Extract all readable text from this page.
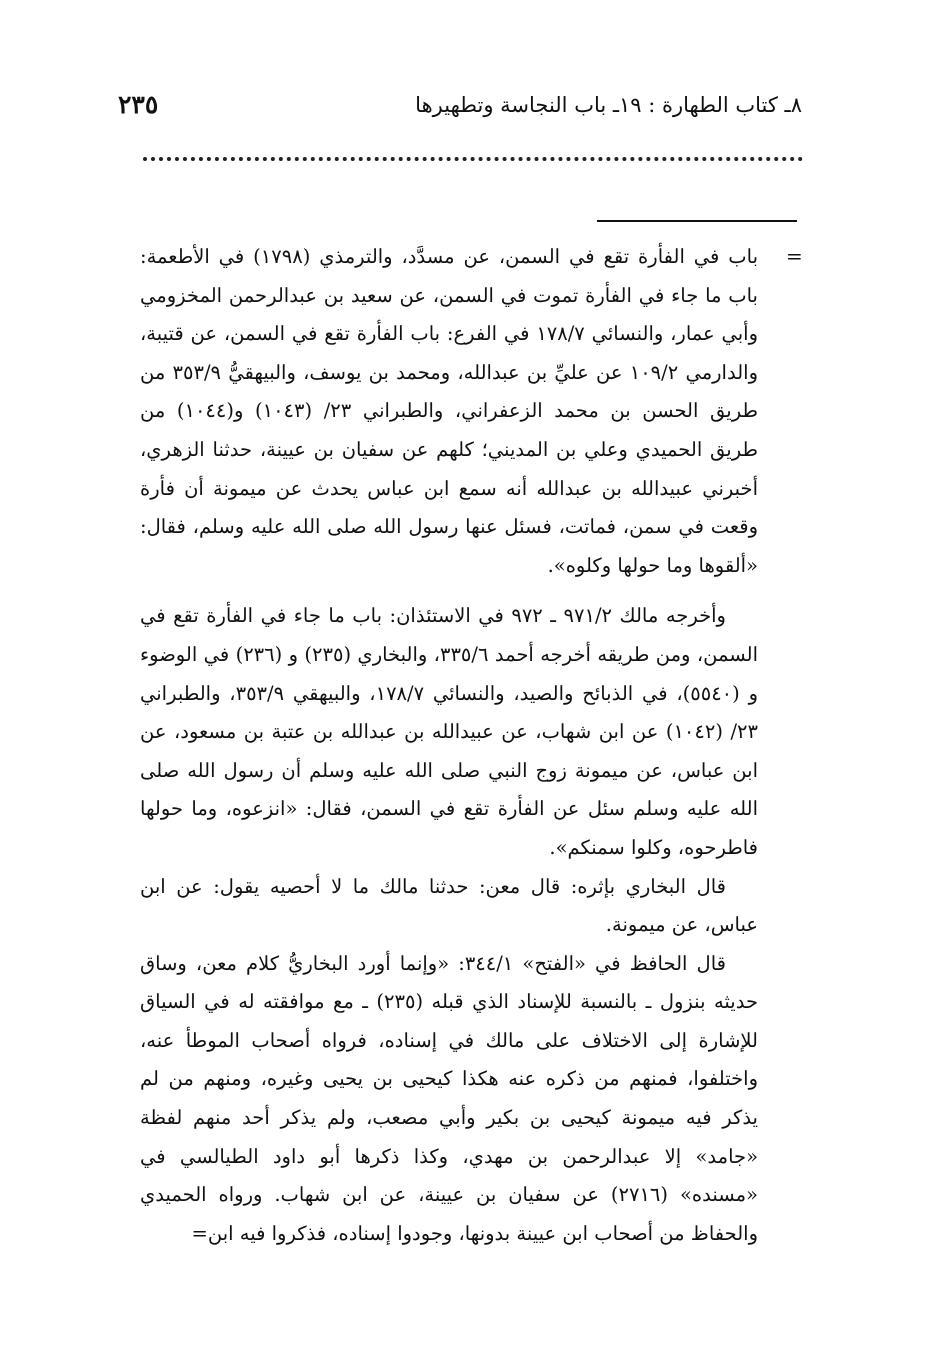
٢٣٥	٨ـ كتاب الطهارة : ١٩ـ باب النجاسة وتطهيرها
=

باب في الفأرة تقع في السمن، عن مسدَّد، والترمذي (١٧٩٨) في الأطعمة: باب ما جاء في الفأرة تموت في السمن، عن سعيد بن عبدالرحمن المخزومي وأبي عمار، والنسائي ١٧٨/٧ في الفرع: باب الفأرة تقع في السمن، عن قتيبة، والدارمي ١٠٩/٢ عن عليِّ بن عبدالله، ومحمد بن يوسف، والبيهقيُّ ٣٥٣/٩ من طريق الحسن بن محمد الزعفراني، والطبراني ٢٣/ (١٠٤٣) و(١٠٤٤) من طريق الحميدي وعلي بن المديني؛ كلهم عن سفيان بن عيينة، حدثنا الزهري، أخبرني عبيدالله بن عبدالله أنه سمع ابن عباس يحدث عن ميمونة أن فأرة وقعت في سمن، فماتت، فسئل عنها رسول الله صلى الله عليه وسلم، فقال: «ألقوها وما حولها وكلوه».

وأخرجه مالك ٩٧١/٢ ـ ٩٧٢ في الاستئذان: باب ما جاء في الفأرة تقع في السمن، ومن طريقه أخرجه أحمد ٣٣٥/٦، والبخاري (٢٣٥) و (٢٣٦) في الوضوء و (٥٥٤٠)، في الذبائح والصيد، والنسائي ١٧٨/٧، والبيهقي ٣٥٣/٩، والطبراني ٢٣/ (١٠٤٢) عن ابن شهاب، عن عبيدالله بن عبدالله بن عتبة بن مسعود، عن ابن عباس، عن ميمونة زوج النبي صلى الله عليه وسلم أن رسول الله صلى الله عليه وسلم سئل عن الفأرة تقع في السمن، فقال: «انزعوه، وما حولها فاطرحوه، وكلوا سمنكم».

قال البخاري بإثره: قال معن: حدثنا مالك ما لا أحصيه يقول: عن ابن عباس، عن ميمونة.

قال الحافظ في «الفتح» ٣٤٤/١: «وإنما أورد البخاريُّ كلام معن، وساق حديثه بنزول ـ بالنسبة للإسناد الذي قبله (٢٣٥) ـ مع موافقته له في السياق للإشارة إلى الاختلاف على مالك في إسناده، فرواه أصحاب الموطأ عنه، واختلفوا، فمنهم من ذكره عنه هكذا كيحيى بن يحيى وغيره، ومنهم من لم يذكر فيه ميمونة كيحيى بن بكير وأبي مصعب، ولم يذكر أحد منهم لفظة «جامد» إلا عبدالرحمن بن مهدي، وكذا ذكرها أبو داود الطيالسي في «مسنده» (٢٧١٦) عن سفيان بن عيينة، عن ابن شهاب. ورواه الحميدي والحفاظ من أصحاب ابن عيينة بدونها، وجودوا إسناده، فذكروا فيه ابن=
